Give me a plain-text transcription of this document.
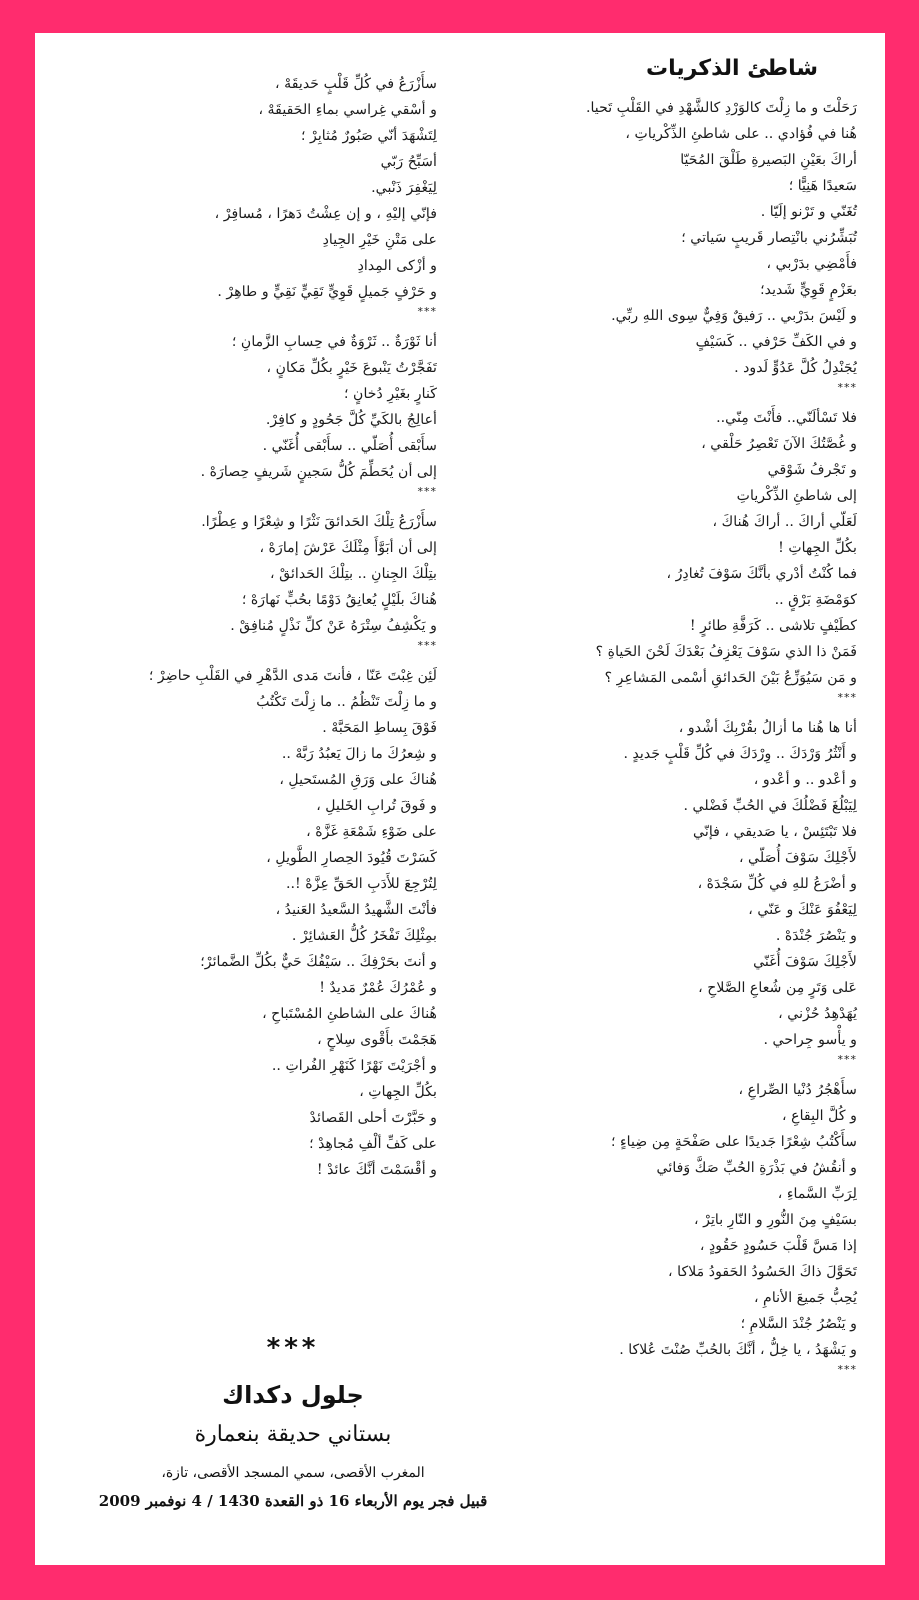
شاطئ الذكريات
رَحَلْتَ و ما زِلْتَ كالوَرْدِ كالشَّهْدِ في القَلْبِ تَحيا.
هُنا في فُؤادي .. على شاطئِ الذِّكْرياتِ ،
أراكَ بعَيْنِ البَصيرةِ طَلْقَ المُحَيّا
سَعيدًا هَنِيًّا ؛
تُغَنّي و تَرْنو إلَيّا .
تُبَشِّرُني بانْتِصار قَريبٍ سَياتي ؛
فأَمْضِي بدَرْبي ،
بعَزْمٍ قَوِيٍّ شَديد؛
و لَيْسَ بدَرْبي .. رَفيقٌ وَفِيٌّ سِوى اللهِ ربِّي.
و في الكَفِّ حَرْفي .. كَسَيْفٍ
يُجَنْدِلُ كُلَّ عَدُوٍّ لَدود .
***
فلا تَسْألَنّي.. فأَنْتَ مِنّي..
و غُصَّتُكَ الآنَ تَعْصِرُ حَلْقي ،
و تَجْرفُ شَوْقي
إلى شاطئِ الذِّكْرياتِ
لَعَلّي أراكَ .. أراكَ هُناكَ ،
بكُلِّ الجِهاتِ !
فما كُنْتُ أدْري بأنَّكَ سَوْفَ تُغادِرُ ،
كوَمْضَةِ بَرْقٍ ..
كطَيْفٍ تلاشى .. كَرَفَّةِ طائرٍ !
فَمَنْ ذا الذي سَوْفَ يَعْزِفُ بَعْدَكَ لَحْنَ الحَياةِ ؟
و مَن سَيُوَزِّعُ بَيْنَ الحَدائقِ أسْمى المَشاعِرِ ؟
***
أنا ها هُنا ما أزالُ بقُرْبِكَ أشْدو ،
و أَنْثُرُ وَرْدَكَ .. وِرْدَكَ في كُلِّ قَلْبٍ جَديدٍ .
و أعْدو .. و أعْدو ،
لِيَبْلُغَ فَضْلُكَ في الحُبِّ فَضْلي .
فلا تَبْتَئِسْ ، يا صَديقي ، فإنّي
لأَجْلِكَ سَوْفَ أُصَلّي ،
و أضْرَعُ للهِ في كُلِّ سَجْدَهْ ،
لِيَعْفُوَ عَنْكَ و عَنّي ،
و يَنْصُرَ جُنْدَهْ .
لأَجْلِكَ سَوْفَ أُغَنّي
عَلى وَتَرٍ مِن شُعاعِ الصَّلاحِ ،
يُهَدْهِدُ حُزْني ،
و يأْسو جِراحي .
***
سأَهْجُرُ دُنْيا الصِّراعِ ،
و كُلَّ البِقاعِ ،
سأَكْتُبُ شِعْرًا جَديدًا على صَفْحَةٍ مِن ضِياءٍ ؛
و أنقُشُ في بَذْرَةِ الحُبِّ صَكَّ وَفائي
لِرَبِّ السَّماءِ ،
بسَيْفٍ مِنَ النُّورِ و النّارِ باتِرْ ،
إذا مَسَّ قَلْبَ حَسُودٍ حَقُودٍ ،
تَحَوَّلَ ذاكَ الحَسُودُ الحَقودُ مَلاكا ،
يُحِبُّ جَميعَ الأنامِ ،
و يَنْصُرُ جُنْدَ السَّلامِ ؛
و يَشْهَدُ ، يا خِلُّ ، أنَّكَ بالحُبِّ صُنْتَ عُلاكا .
***
سأَزْرَعُ في كُلِّ قَلْبٍ حَديقَهْ ،
و أسْقي غِراسي بماءِ الحَقيقَهْ ،
لِتَشْهَدَ أنّي صَبُورٌ مُثابِرْ ؛
أسَبِّحُ رَبّي
لِيَغْفِرَ ذَنْبي.
فإنّي إليْهِ ، و إن عِشْتُ دَهرًا ، مُسافِرْ ،
على مَتْنِ خَيْرِ الجِيادِ
و أزْكى المِدادِ
و حَرْفٍ جَميلٍ قَوِيٍّ تَقِيٍّ نَقِيٍّ و طاهِرْ .
***
أنا ثَوْرَةٌ .. ثَرْوَةٌ في حِسابِ الزَّمانِ ؛
تَفَجَّرْتُ يَنْبوعَ خَيْرٍ بكُلِّ مَكانٍ ،
كَنارٍ بغَيْرِ دُخانٍ ؛
أعالِجُ بالكَيِّ كُلَّ جَحُودٍ و كافِرْ.
سأَبْقى أُصَلّي .. سأَبْقى أُغَنّي .
إلى أن يُحَطِّمَ كُلُّ سَجينٍ شَريفٍ حِصارَهْ .
***
سأَزْرَعُ تِلْكَ الحَدائقَ نَثْرًا و شِعْرًا و عِطْرًا.
إلى أن أبَوَّأَ مِثْلَكَ عَرْشَ إمارَهْ ،
بتِلْكَ الجِنانِ .. بتِلْكَ الحَدائقْ ،
هُناكَ بلَيْلٍ يُعانِقُ دَوْمًا بحُبٍّ نَهارَهْ ؛
و يَكْشِفُ سِتْرَهُ عَنْ كلِّ نَذْلٍ مُنافِقْ .
***
لَئِن غِبْتَ عَنّا ، فأنتَ مَدى الدَّهْرِ في القَلْبِ حاضِرْ ؛
و ما زِلْتَ تَنْظُمُ .. ما زِلْتَ تَكْتُبُ
فَوْقَ بِساطِ المَحَبَّهْ .
و شِعرُكَ ما زالَ يَعبُدُ رَبَّهْ ..
هُناكَ على وَرَقِ المُستَحيلِ ،
و فَوقَ تُرابِ الخَليلِ ،
على ضَوْءِ شَمْعَةِ غَزَّهْ ،
كَسَرْتَ قُيُودَ الحِصارِ الطَّويلِ ،
لِتُرْجِعَ للأَدَبِ الحَقِّ عِزَّهْ !..
فأنْتَ الشَّهيدُ السَّعيدُ العَنيدُ ،
بمِثْلِكَ تَفْخَرُ كُلُّ العَشائِرْ .
و أنتَ بحَرْفِكَ .. سَيْفُكَ حَيٌّ بكُلِّ الضَّمائرْ؛
و عُمْرُكَ عُمْرٌ مَديدٌ !
هُناكَ على الشاطئِ المُسْتَباحِ ،
هَجَمْتَ بأَقْوى سِلاحٍ ،
و أجْرَيْتَ نَهْرًا كَنَهْرِ الفُراتِ ..
بكُلِّ الجِهاتِ ،
و حَبَّرْتَ أحلى القَصائدْ
على كَفِّ ألْفِ مُجاهِدْ ؛
و أقْسَمْتَ أنَّكَ عائدْ !
***
جلول دكداك
بستاني حديقة بنعمارة
المغرب الأقصى، سمي المسجد الأقصى، تازة،
قبيل فجر يوم الأربعاء 16 ذو القعدة 1430 / 4 نوفمبر 2009
